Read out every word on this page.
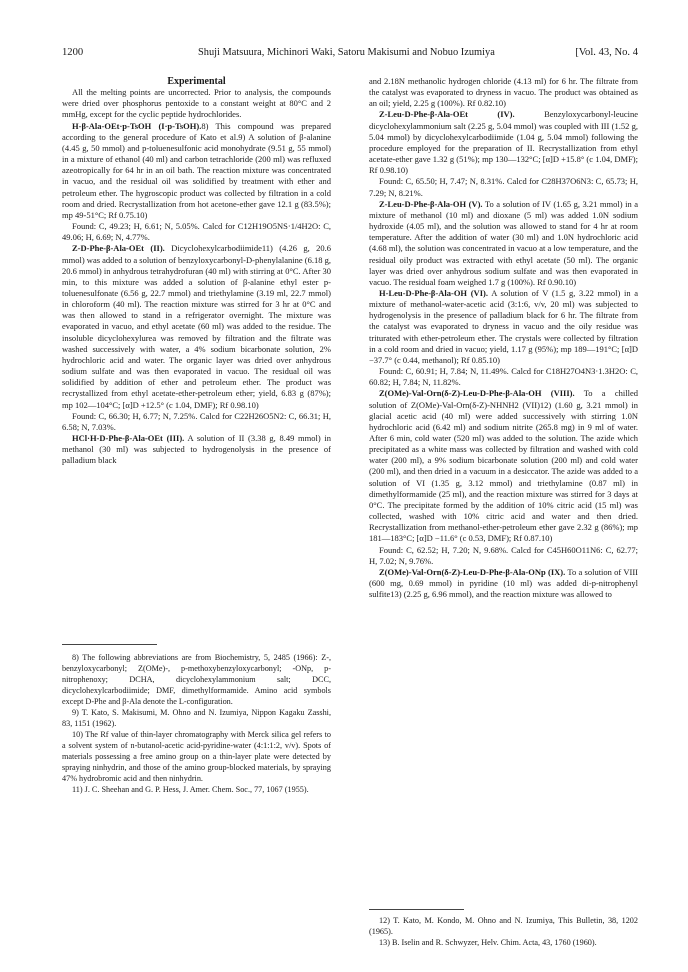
1200	Shuji Matsuura, Michinori Waki, Satoru Makisumi and Nobuo Izumiya	[Vol. 43, No. 4

Experimental

All the melting points are uncorrected. Prior to analysis, the compounds were dried over phosphorus pentoxide to a constant weight at 80°C and 2 mmHg, except for the cyclic peptide hydrochlorides.

H-β-Ala-OEt·p-TsOH (I·p-TsOH).8) This compound was prepared according to the general procedure of Kato et al.9) A solution of β-alanine (4.45 g, 50 mmol) and p-toluenesulfonic acid monohydrate (9.51 g, 55 mmol) in a mixture of ethanol (40 ml) and carbon tetrachloride (200 ml) was refluxed azeotropically for 64 hr in an oil bath. The reaction mixture was concentrated in vacuo, and the residual oil was solidified by treatment with ether and petroleum ether. The hygroscopic product was collected by filtration in a cold room and dried. Recrystallization from hot acetone-ether gave 12.1 g (83.5%); mp 49-51°C; Rf 0.75.10)

Found: C, 49.23; H, 6.61; N, 5.05%. Calcd for C12H19O5NS·1/4H2O: C, 49.06; H, 6.69; N, 4.77%.

Z-D-Phe-β-Ala-OEt (II). Dicyclohexylcarbodiimide11) (4.26 g, 20.6 mmol) was added to a solution of benzyloxycarbonyl-D-phenylalanine (6.18 g, 20.6 mmol) in anhydrous tetrahydrofuran (40 ml) with stirring at 0°C. After 30 min, to this mixture was added a solution of β-alanine ethyl ester p-toluenesulfonate (6.56 g, 22.7 mmol) and triethylamine (3.19 ml, 22.7 mmol) in chloroform (40 ml). The reaction mixture was stirred for 3 hr at 0°C and was then allowed to stand in a refrigerator overnight. The mixture was evaporated in vacuo, and ethyl acetate (60 ml) was added to the residue. The insoluble dicyclohexylurea was removed by filtration and the filtrate was washed successively with water, a 4% sodium bicarbonate solution, 2% hydrochloric acid and water. The organic layer was dried over anhydrous sodium sulfate and was then evaporated in vacuo. The residual oil was solidified by addition of ether and petroleum ether. The product was recrystallized from ethyl acetate-ether-petroleum ether; yield, 6.83 g (87%); mp 102—104°C; [α]D +12.5° (c 1.04, DMF); Rf 0.98.10)

Found: C, 66.30; H, 6.77; N, 7.25%. Calcd for C22H26O5N2: C, 66.31; H, 6.58; N, 7.03%.

HCl·H-D-Phe-β-Ala-OEt (III). A solution of II (3.38 g, 8.49 mmol) in methanol (30 ml) was subjected to hydrogenolysis in the presence of palladium black

8) The following abbreviations are from Biochemistry, 5, 2485 (1966): Z-, benzyloxycarbonyl; Z(OMe)-, p-methoxybenzyloxycarbonyl; -ONp, p-nitrophenoxy; DCHA, dicyclohexylammonium salt; DCC, dicyclohexylcarbodiimide; DMF, dimethylformamide. Amino acid symbols except D-Phe and β-Ala denote the L-configuration.

9) T. Kato, S. Makisumi, M. Ohno and N. Izumiya, Nippon Kagaku Zasshi, 83, 1151 (1962).

10) The Rf value of thin-layer chromatography with Merck silica gel refers to a solvent system of n-butanol-acetic acid-pyridine-water (4:1:1:2, v/v). Spots of materials possessing a free amino group on a thin-layer plate were detected by spraying ninhydrin, and those of the amino group-blocked materials, by spraying 47% hydrobromic acid and then ninhydrin.

11) J. C. Sheehan and G. P. Hess, J. Amer. Chem. Soc., 77, 1067 (1955).

and 2.18N methanolic hydrogen chloride (4.13 ml) for 6 hr. The filtrate from the catalyst was evaporated to dryness in vacuo. The product was obtained as an oil; yield, 2.25 g (100%). Rf 0.82.10)

Z-Leu-D-Phe-β-Ala-OEt (IV).	Benzyloxycarbonyl-leucine dicyclohexylammonium salt (2.25 g, 5.04 mmol) was coupled with III (1.52 g, 5.04 mmol) by dicyclohexylcarbodiimide (1.04 g, 5.04 mmol) following the procedure employed for the preparation of II. Recrystallization from ethyl acetate-ether gave 1.32 g (51%); mp 130—132°C; [α]D +15.8° (c 1.04, DMF); Rf 0.98.10)

Found: C, 65.50; H, 7.47; N, 8.31%. Calcd for C28H37O6N3: C, 65.73; H, 7.29; N, 8.21%.

Z-Leu-D-Phe-β-Ala-OH (V). To a solution of IV (1.65 g, 3.21 mmol) in a mixture of methanol (10 ml) and dioxane (5 ml) was added 1.0N sodium hydroxide (4.05 ml), and the solution was allowed to stand for 4 hr at room temperature. After the addition of water (30 ml) and 1.0N hydrochloric acid (4.68 ml), the solution was concentrated in vacuo at a low temperature, and the residual oily product was extracted with ethyl acetate (50 ml). The organic layer was dried over anhydrous sodium sulfate and was then evaporated in vacuo. The residual foam weighed 1.7 g (100%). Rf 0.90.10)

H-Leu-D-Phe-β-Ala-OH (VI). A solution of V (1.5 g, 3.22 mmol) in a mixture of methanol-water-acetic acid (3:1:6, v/v, 20 ml) was subjected to hydrogenolysis in the presence of palladium black for 6 hr. The filtrate from the catalyst was evaporated to dryness in vacuo and the oily residue was triturated with ether-petroleum ether. The crystals were collected by filtration in a cold room and dried in vacuo; yield, 1.17 g (95%); mp 189—191°C; [α]D −37.7° (c 0.44, methanol); Rf 0.85.10)

Found: C, 60.91; H, 7.84; N, 11.49%. Calcd for C18H27O4N3·1.3H2O: C, 60.82; H, 7.84; N, 11.82%.

Z(OMe)-Val-Orn(δ-Z)-Leu-D-Phe-β-Ala-OH (VIII). To a chilled solution of Z(OMe)-Val-Orn(δ-Z)-NHNH2 (VII)12) (1.60 g, 3.21 mmol) in glacial acetic acid (40 ml) were added successively with stirring 1.0N hydrochloric acid (6.42 ml) and sodium nitrite (265.8 mg) in 9 ml of water. After 6 min, cold water (520 ml) was added to the solution. The azide which precipitated as a white mass was collected by filtration and washed with cold water (200 ml), a 9% sodium bicarbonate solution (200 ml) and cold water (200 ml), and then dried in a vacuum in a desiccator. The azide was added to a solution of VI (1.35 g, 3.12 mmol) and triethylamine (0.87 ml) in dimethylformamide (25 ml), and the reaction mixture was stirred for 3 days at 0°C. The precipitate formed by the addition of 10% citric acid (15 ml) was collected, washed with 10% citric acid and water and then dried. Recrystallization from methanol-ether-petroleum ether gave 2.32 g (86%); mp 181—183°C; [α]D −11.6° (c 0.53, DMF); Rf 0.87.10)

Found: C, 62.52; H, 7.20; N, 9.68%. Calcd for C45H60O11N6: C, 62.77; H, 7.02; N, 9.76%.

Z(OMe)-Val-Orn(δ-Z)-Leu-D-Phe-β-Ala-ONp (IX). To a solution of VIII (600 mg, 0.69 mmol) in pyridine (10 ml) was added di-p-nitrophenyl sulfite13) (2.25 g, 6.96 mmol), and the reaction mixture was allowed to

12) T. Kato, M. Kondo, M. Ohno and N. Izumiya, This Bulletin, 38, 1202 (1965).

13) B. Iselin and R. Schwyzer, Helv. Chim. Acta, 43, 1760 (1960).
